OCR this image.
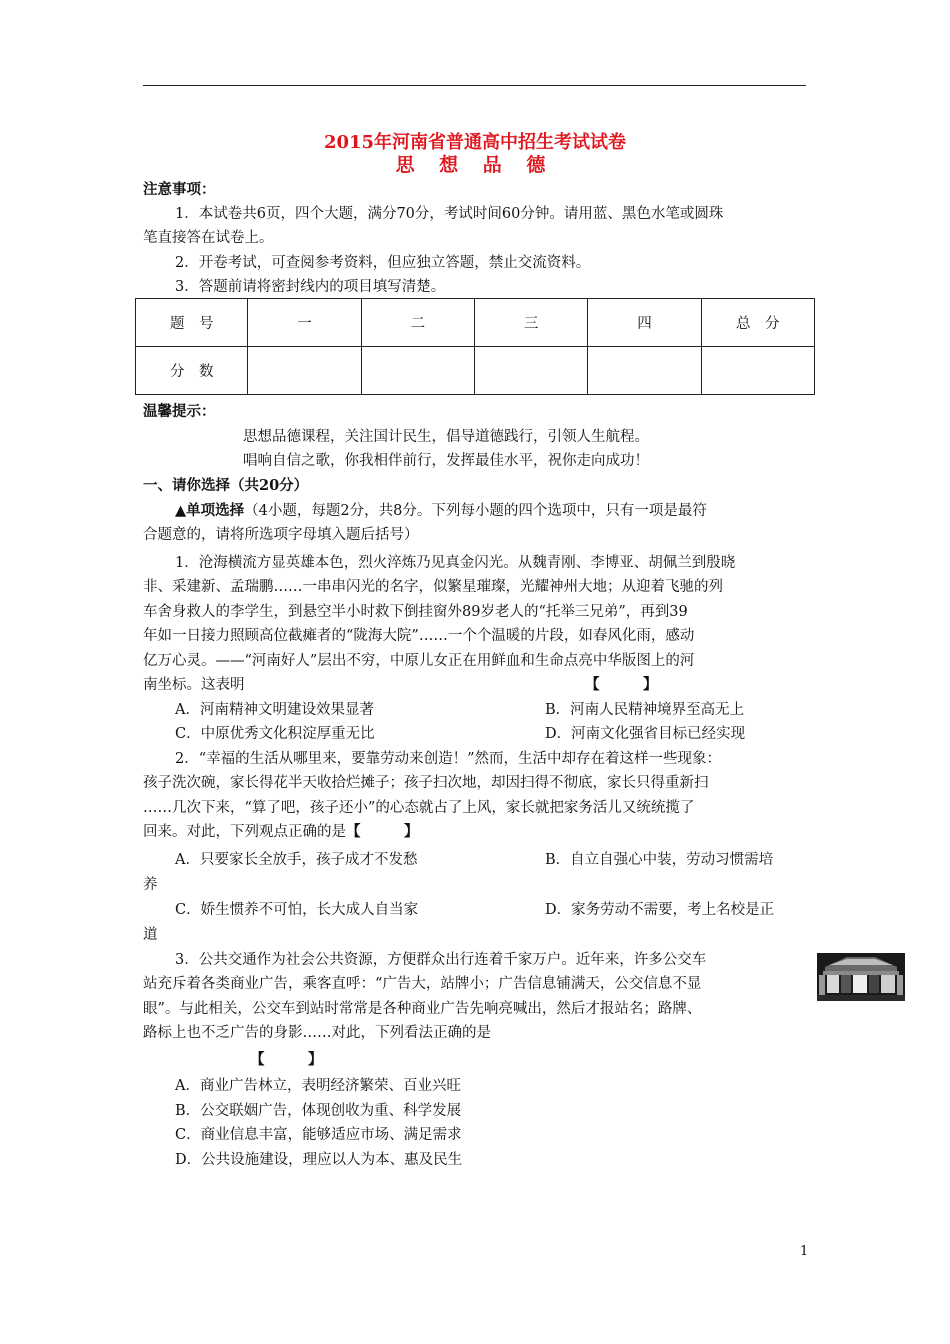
2015年河南省普通高中招生考试试卷
思 想 品 德
注意事项：
1．本试卷共6页，四个大题，满分70分，考试时间60分钟。请用蓝、黑色水笔或圆珠
笔直接答在试卷上。
2．开卷考试，可查阅参考资料，但应独立答题，禁止交流资料。
3．答题前请将密封线内的项目填写清楚。
题　号	一	二	三	四	总　分
分　数					
温馨提示：
思想品德课程，关注国计民生，倡导道德践行，引领人生航程。
唱响自信之歌，你我相伴前行，发挥最佳水平，祝你走向成功！
一、请你选择（共20分）
▲单项选择（4小题，每题2分，共8分。下列每小题的四个选项中，只有一项是最符
合题意的，请将所选项字母填入题后括号）
1．沧海横流方显英雄本色，烈火淬炼乃见真金闪光。从魏青刚、李博亚、胡佩兰到殷晓
非、采建新、孟瑞鹏……一串串闪光的名字，似繁星璀璨，光耀神州大地；从迎着飞驰的列
车舍身救人的李学生，到悬空半小时救下倒挂窗外89岁老人的“托举三兄弟”，再到39
年如一日接力照顾高位截瘫者的“陇海大院”……一个个温暖的片段，如春风化雨，感动
亿万心灵。——“河南好人”层出不穷，中原儿女正在用鲜血和生命点亮中华版图上的河
南坐标。这表明	【　　　】
A．河南精神文明建设效果显著	B．河南人民精神境界至高无上
C．中原优秀文化积淀厚重无比	D．河南文化强省目标已经实现
2．“幸福的生活从哪里来，要靠劳动来创造！”然而，生活中却存在着这样一些现象：
孩子洗次碗，家长得花半天收拾烂摊子；孩子扫次地，却因扫得不彻底，家长只得重新扫
……几次下来，“算了吧，孩子还小”的心态就占了上风，家长就把家务活儿又统统揽了
回来。对此，下列观点正确的是【　　　】
A．只要家长全放手，孩子成才不发愁	B．自立自强心中装，劳动习惯需培
养
C．娇生惯养不可怕，长大成人自当家	D．家务劳动不需要，考上名校是正
道
3．公共交通作为社会公共资源，方便群众出行连着千家万户。近年来，许多公交车
站充斥着各类商业广告，乘客直呼：“广告大，站牌小；广告信息铺满天，公交信息不显
眼”。与此相关，公交车到站时常常是各种商业广告先响亮喊出，然后才报站名；路牌、
路标上也不乏广告的身影……对此，下列看法正确的是
【　　　】
A．商业广告林立，表明经济繁荣、百业兴旺
B．公交联姻广告，体现创收为重、科学发展
C．商业信息丰富，能够适应市场、满足需求
D．公共设施建设，理应以人为本、惠及民生
1
